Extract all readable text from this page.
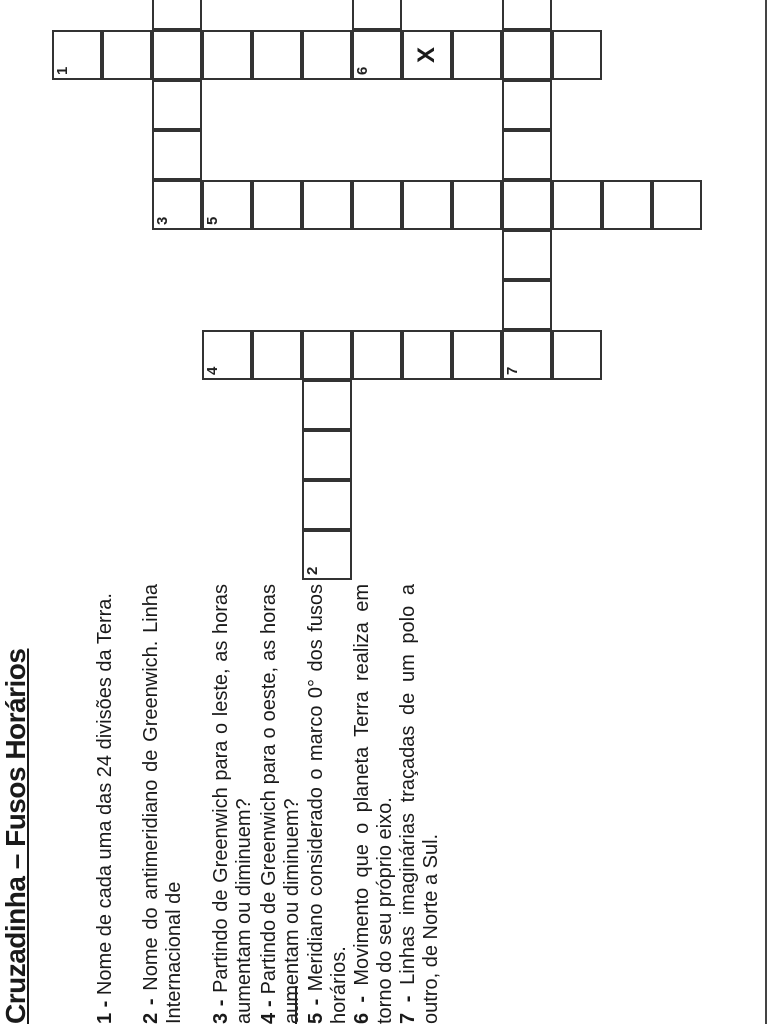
Cruzadinha – Fusos Horários	1 - Nome de cada uma das 24 divisões da Terra.

2 - Nome do antimeridiano de Greenwich. Linha Internacional de 3 - Partindo de Greenwich para o leste, as horas aumentam ou diminuem? 4 - Partindo de Greenwich para o oeste, as horas aumentam ou diminuem? 5 - Meridiano considerado o marco 0° dos fusos horários. 6 - Movimento que o planeta Terra realiza em torno do seu próprio eixo. 7 - Linhas imaginárias traçadas de um polo a outro, de Norte a Sul.

1	6
X
2
3
4	7
5
